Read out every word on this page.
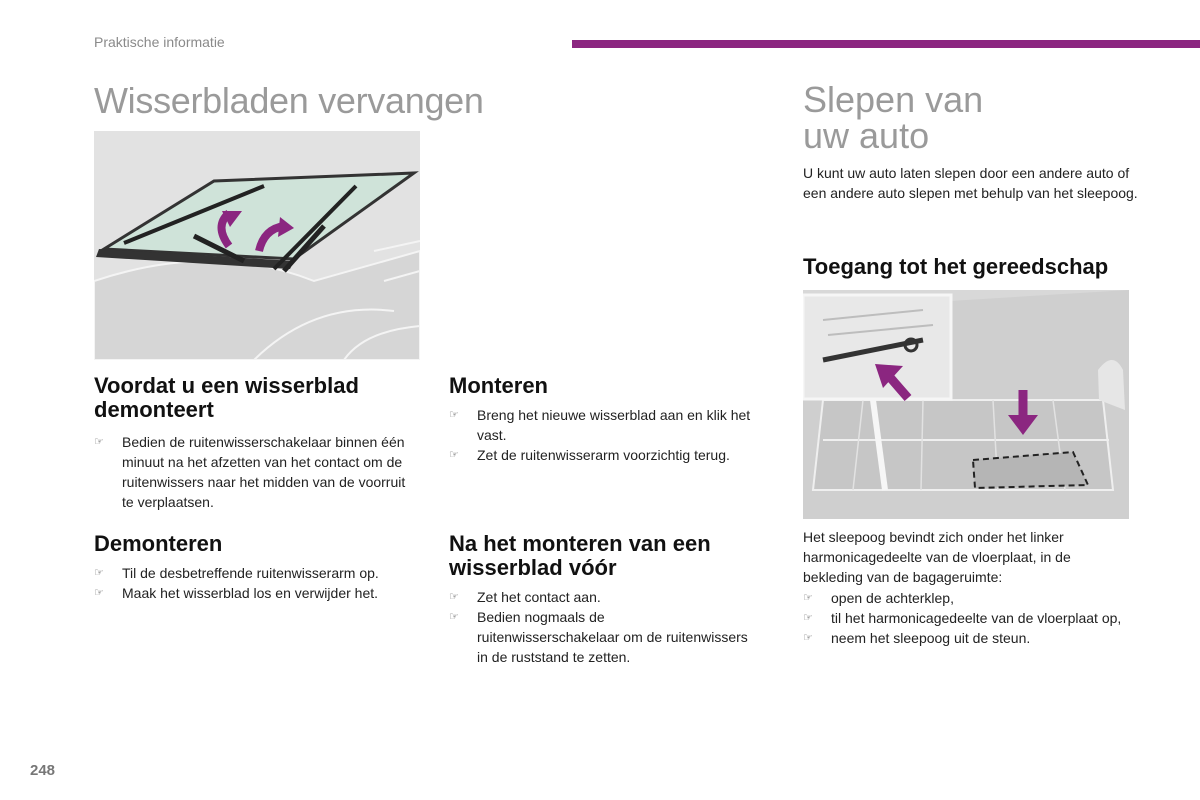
Praktische informatie
Wisserbladen vervangen
Voordat u een wisserblad demonteert
☞ Bedien de ruitenwisserschakelaar binnen één minuut na het afzetten van het contact om de ruitenwissers naar het midden van de voorruit te verplaatsen.
Demonteren
☞ Til de desbetreffende ruitenwisserarm op.
☞ Maak het wisserblad los en verwijder het.
Monteren
☞ Breng het nieuwe wisserblad aan en klik het vast.
☞ Zet de ruitenwisserarm voorzichtig terug.
Na het monteren van een wisserblad vóór
☞ Zet het contact aan.
☞ Bedien nogmaals de ruitenwisserschakelaar om de ruitenwissers in de ruststand te zetten.
Slepen van
uw auto
U kunt uw auto laten slepen door een andere auto of een andere auto slepen met behulp van het sleepoog.
Toegang tot het gereedschap
Het sleepoog bevindt zich onder het linker harmonicagedeelte van de vloerplaat, in de bekleding van de bagageruimte:
☞ open de achterklep,
☞ til het harmonicagedeelte van de vloerplaat op,
☞ neem het sleepoog uit de steun.
248
